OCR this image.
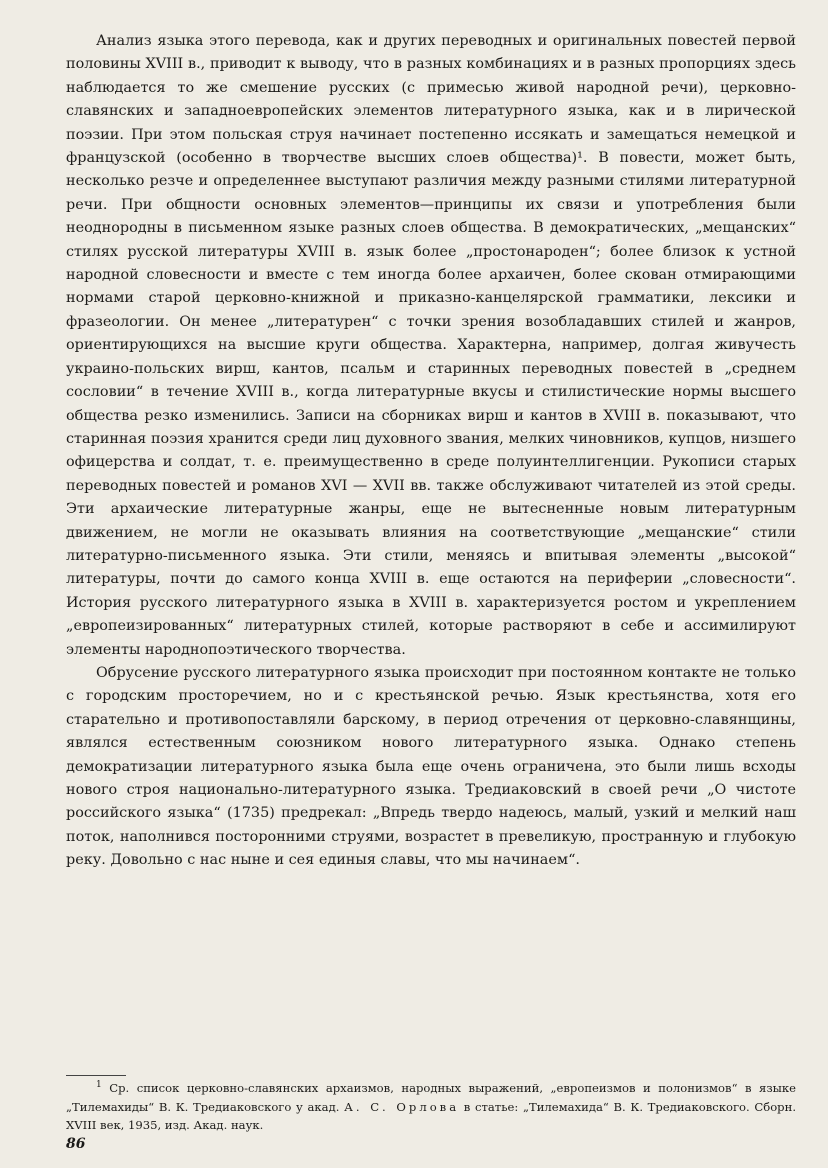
Анализ языка этого перевода, как и других переводных и оригинальных повестей первой половины XVIII в., приводит к выводу, что в разных комбинациях и в разных пропорциях здесь наблюдается то же смешение русских (с примесью живой народной речи), церковно-славянских и западноевропейских элементов литературного языка, как и в лирической поэзии. При этом польская струя начинает постепенно иссякать и замещаться немецкой и французской (особенно в творчестве высших слоев общества)¹. В повести, может быть, несколько резче и определеннее выступают различия между разными стилями литературной речи. При общности основных элементов—принципы их связи и употребления были неоднородны в письменном языке разных слоев общества. В демократических, „мещанских“ стилях русской литературы XVIII в. язык более „простонароден“; более близок к устной народной словесности и вместе с тем иногда более архаичен, более скован отмирающими нормами старой церковно-книжной и приказно-канцелярской грамматики, лексики и фразеологии. Он менее „литературен“ с точки зрения возобладавших стилей и жанров, ориентирующихся на высшие круги общества. Характерна, например, долгая живучесть украино-польских вирш, кантов, псальм и старинных переводных повестей в „среднем сословии“ в течение XVIII в., когда литературные вкусы и стилистические нормы высшего общества резко изменились. Записи на сборниках вирш и кантов в XVIII в. показывают, что старинная поэзия хранится среди лиц духовного звания, мелких чиновников, купцов, низшего офицерства и солдат, т. е. преимущественно в среде полуинтеллигенции. Рукописи старых переводных повестей и романов XVI — XVII вв. также обслуживают читателей из этой среды. Эти архаические литературные жанры, еще не вытесненные новым литературным движением, не могли не оказывать влияния на соответствующие „мещанские“ стили литературно-письменного языка. Эти стили, меняясь и впитывая элементы „высокой“ литературы, почти до самого конца XVIII в. еще остаются на периферии „словесности“. История русского литературного языка в XVIII в. характеризуется ростом и укреплением „европеизированных“ литературных стилей, которые растворяют в себе и ассимилируют элементы народнопоэтического творчества.

Обрусение русского литературного языка происходит при постоянном контакте не только с городским просторечием, но и с крестьянской речью. Язык крестьянства, хотя его старательно и противопоставляли барскому, в период отречения от церковно-славянщины, являлся естественным союзником нового литературного языка. Однако степень демократизации литературного языка была еще очень ограничена, это были лишь всходы нового строя национально-литературного языка. Тредиаковский в своей речи „О чистоте российского языка“ (1735) предрекал: „Впредь твердо надеюсь, малый, узкий и мелкий наш поток, наполнився посторонними струями, возрастет в превеликую, пространную и глубокую реку. Довольно с нас ныне и сея единыя славы, что мы начинаем“.

$^1$ Ср. список церковно-славянских архаизмов, народных выражений, „европеизмов и полонизмов“ в языке „Тилемахиды“ В. К. Тредиаковского у акад. А. С. Орлова в статье: „Тилемахида“ В. К. Тредиаковского. Сборн. XVIII век, 1935, изд. Акад. наук.

86
